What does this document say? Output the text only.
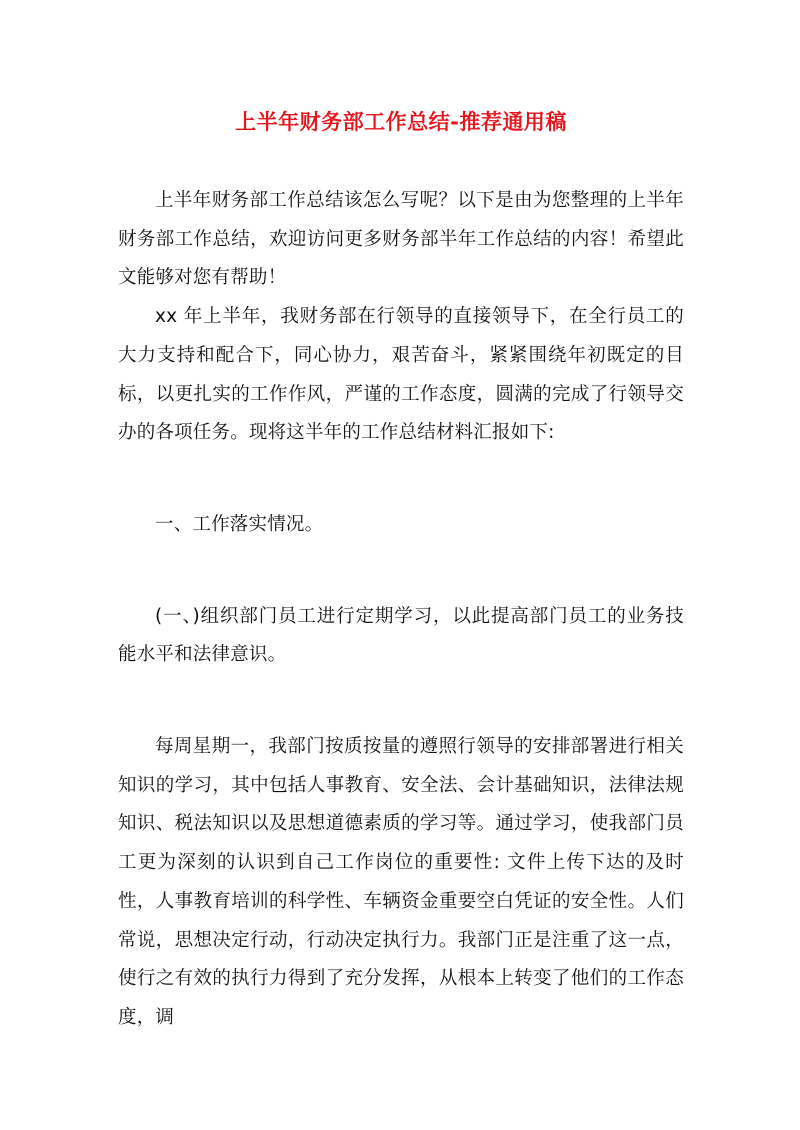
上半年财务部工作总结-推荐通用稿

上半年财务部工作总结该怎么写呢？以下是由为您整理的上半年财务部工作总结，欢迎访问更多财务部半年工作总结的内容！希望此文能够对您有帮助！

xx 年上半年，我财务部在行领导的直接领导下，在全行员工的大力支持和配合下，同心协力，艰苦奋斗，紧紧围绕年初既定的目标，以更扎实的工作作风，严谨的工作态度，圆满的完成了行领导交办的各项任务。现将这半年的工作总结材料汇报如下:

一、工作落实情况。

(一、)组织部门员工进行定期学习，以此提高部门员工的业务技能水平和法律意识。

每周星期一，我部门按质按量的遵照行领导的安排部署进行相关知识的学习，其中包括人事教育、安全法、会计基础知识，法律法规知识、税法知识以及思想道德素质的学习等。通过学习，使我部门员工更为深刻的认识到自己工作岗位的重要性: 文件上传下达的及时性，人事教育培训的科学性、车辆资金重要空白凭证的安全性。人们常说，思想决定行动，行动决定执行力。我部门正是注重了这一点，使行之有效的执行力得到了充分发挥，从根本上转变了他们的工作态度，调
